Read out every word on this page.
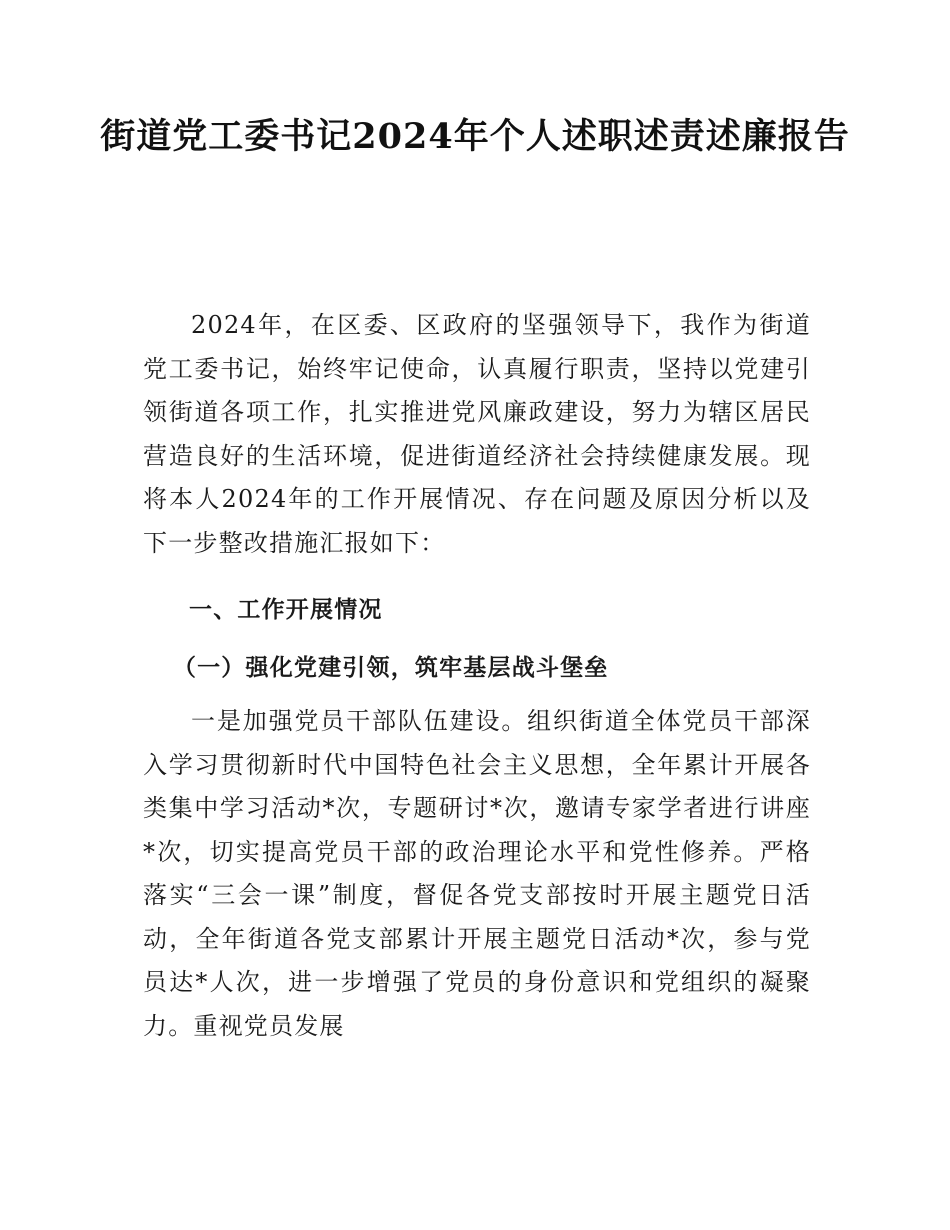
街道党工委书记2024年个人述职述责述廉报告

2024年，在区委、区政府的坚强领导下，我作为街道党工委书记，始终牢记使命，认真履行职责，坚持以党建引领街道各项工作，扎实推进党风廉政建设，努力为辖区居民营造良好的生活环境，促进街道经济社会持续健康发展。现将本人2024年的工作开展情况、存在问题及原因分析以及下一步整改措施汇报如下：

一、工作开展情况
（一）强化党建引领，筑牢基层战斗堡垒

一是加强党员干部队伍建设。组织街道全体党员干部深入学习贯彻新时代中国特色社会主义思想，全年累计开展各类集中学习活动*次，专题研讨*次，邀请专家学者进行讲座*次，切实提高党员干部的政治理论水平和党性修养。严格落实“三会一课”制度，督促各党支部按时开展主题党日活动，全年街道各党支部累计开展主题党日活动*次，参与党员达*人次，进一步增强了党员的身份意识和党组织的凝聚力。重视党员发展
